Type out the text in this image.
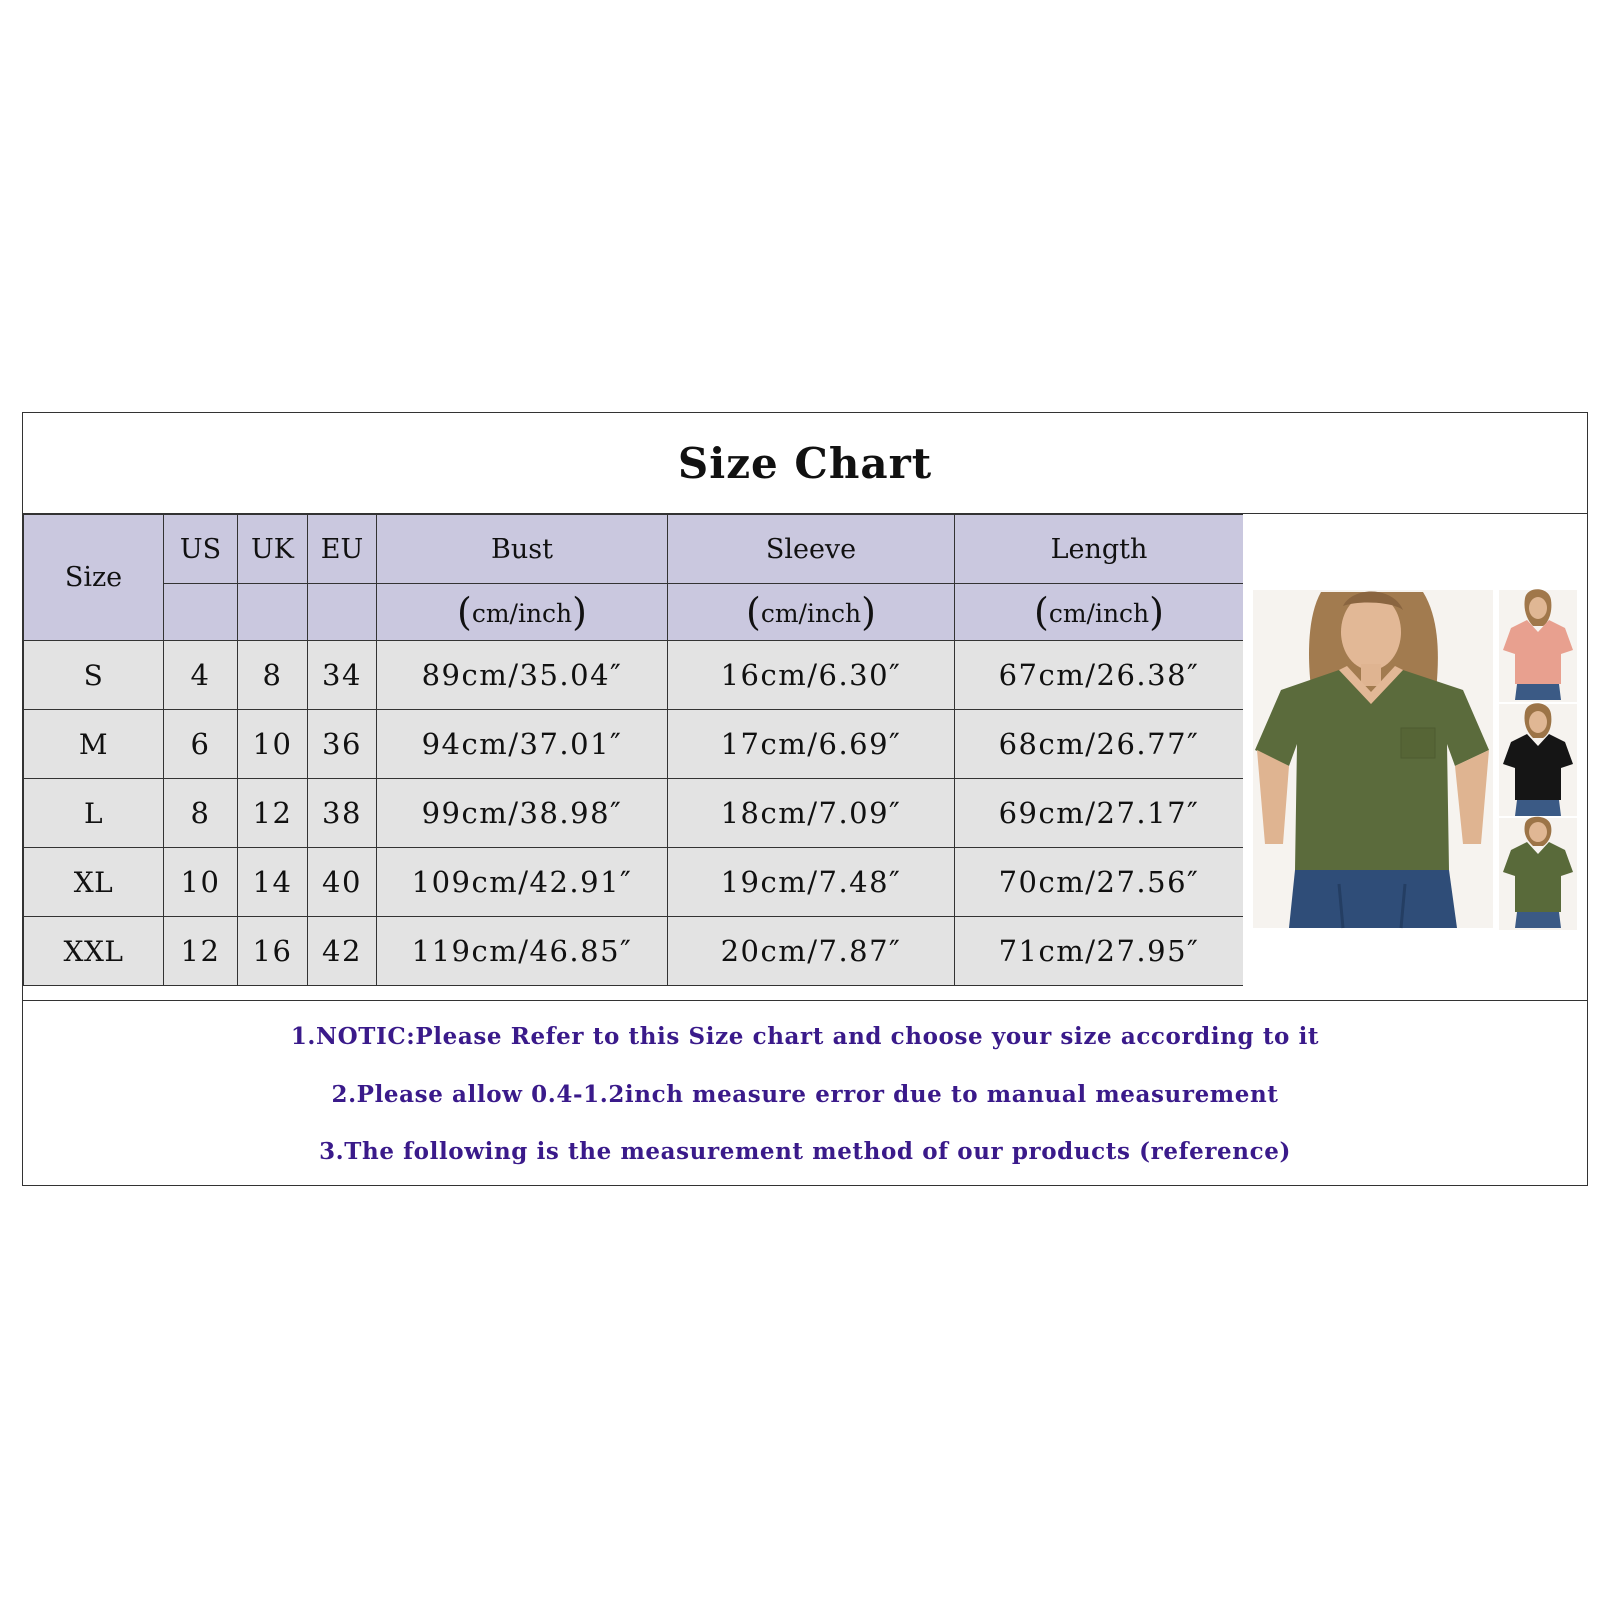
Size Chart
Size	US	UK	EU	Bust	Sleeve	Length
				(cm/inch)	(cm/inch)	(cm/inch)
S	4	8	34	89cm/35.04″	16cm/6.30″	67cm/26.38″
M	6	10	36	94cm/37.01″	17cm/6.69″	68cm/26.77″
L	8	12	38	99cm/38.98″	18cm/7.09″	69cm/27.17″
XL	10	14	40	109cm/42.91″	19cm/7.48″	70cm/27.56″
XXL	12	16	42	119cm/46.85″	20cm/7.87″	71cm/27.95″
1.NOTIC:Please Refer to this Size chart and choose your size according to it
2.Please allow 0.4-1.2inch measure error due to manual measurement
3.The following is the measurement method of our products (reference)
